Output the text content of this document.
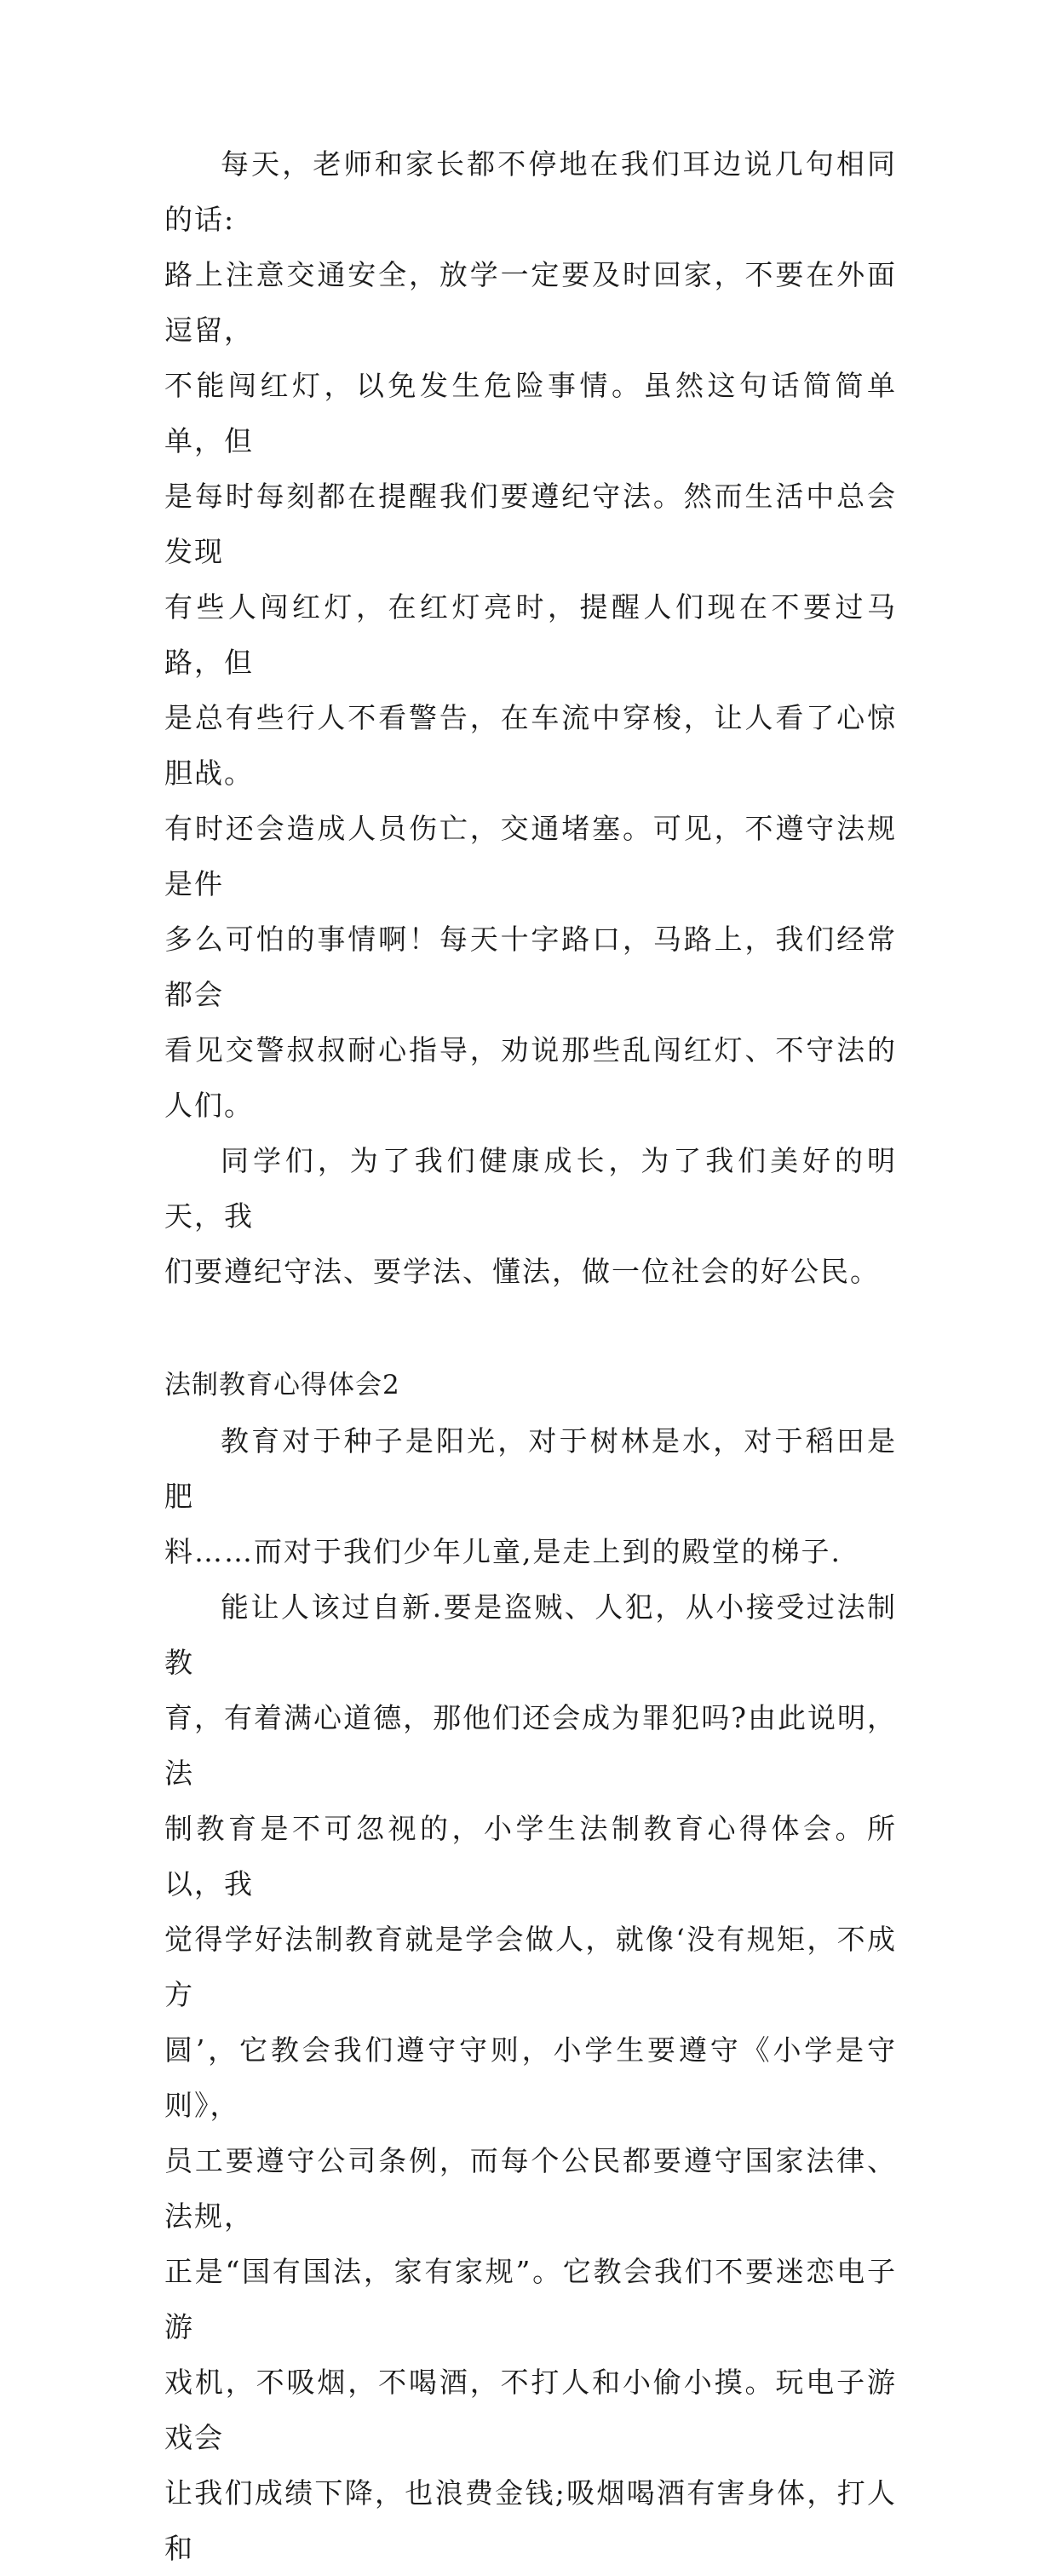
每天，老师和家长都不停地在我们耳边说几句相同的话:
路上注意交通安全，放学一定要及时回家，不要在外面逗留，
不能闯红灯，以免发生危险事情。虽然这句话简简单单，但
是每时每刻都在提醒我们要遵纪守法。然而生活中总会发现
有些人闯红灯，在红灯亮时，提醒人们现在不要过马路，但
是总有些行人不看警告，在车流中穿梭，让人看了心惊胆战。
有时还会造成人员伤亡，交通堵塞。可见，不遵守法规是件
多么可怕的事情啊！每天十字路口，马路上，我们经常都会
看见交警叔叔耐心指导，劝说那些乱闯红灯、不守法的人们。

同学们，为了我们健康成长，为了我们美好的明天，我
们要遵纪守法、要学法、懂法，做一位社会的好公民。

法制教育心得体会2

教育对于种子是阳光，对于树林是水，对于稻田是肥
料……而对于我们少年儿童,是走上到的殿堂的梯子.

能让人该过自新.要是盗贼、人犯，从小接受过法制教
育，有着满心道德，那他们还会成为罪犯吗?由此说明，法
制教育是不可忽视的，小学生法制教育心得体会。所以，我
觉得学好法制教育就是学会做人，就像‘没有规矩，不成方
圆’，它教会我们遵守守则，小学生要遵守《小学是守则》，
员工要遵守公司条例，而每个公民都要遵守国家法律、法规，
正是“国有国法，家有家规”。它教会我们不要迷恋电子游
戏机，不吸烟，不喝酒，不打人和小偷小摸。玩电子游戏会
让我们成绩下降，也浪费金钱;吸烟喝酒有害身体，打人和
